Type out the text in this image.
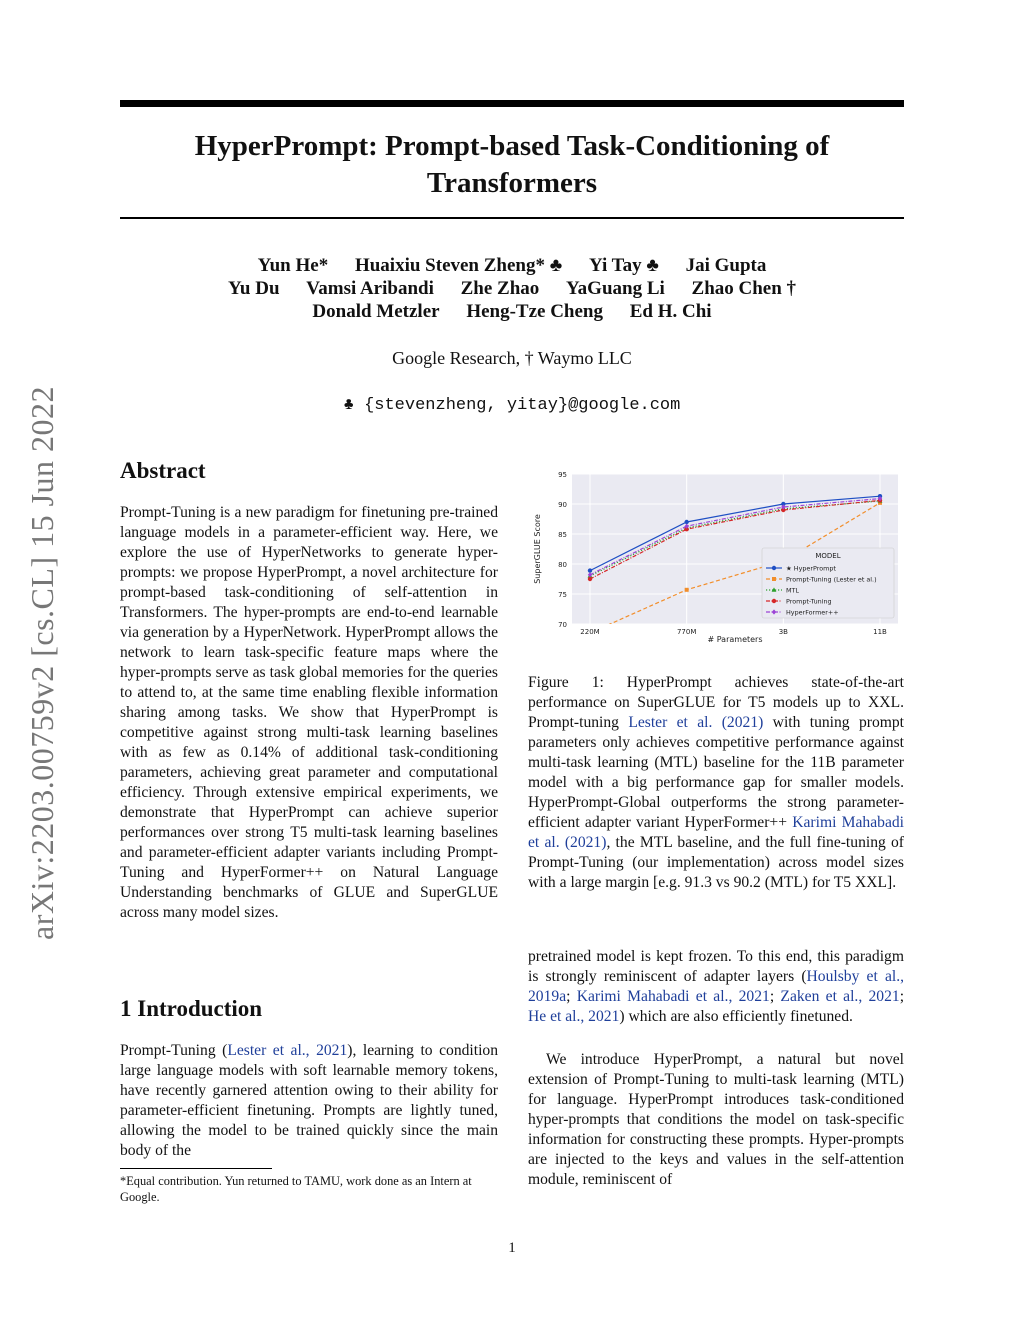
HyperPrompt: Prompt-based Task-Conditioning of Transformers
Yun He* Huaixiu Steven Zheng* ♣ Yi Tay ♣ Jai Gupta
Yu Du Vamsi Aribandi Zhe Zhao YaGuang Li Zhao Chen †
Donald Metzler Heng-Tze Cheng Ed H. Chi
Google Research, † Waymo LLC
♣ {stevenzheng, yitay}@google.com
arXiv:2203.00759v2 [cs.CL] 15 Jun 2022	Abstract
Prompt-Tuning is a new paradigm for finetuning pre-trained language models in a parameter-efficient way. Here, we explore the use of HyperNetworks to generate hyper-prompts: we propose HyperPrompt, a novel architecture for prompt-based task-conditioning of self-attention in Transformers. The hyper-prompts are end-to-end learnable via generation by a HyperNetwork. HyperPrompt allows the network to learn task-specific feature maps where the hyper-prompts serve as task global memories for the queries to attend to, at the same time enabling flexible information sharing among tasks. We show that HyperPrompt is competitive against strong multi-task learning baselines with as few as 0.14% of additional task-conditioning parameters, achieving great parameter and computational efficiency. Through extensive empirical experiments, we demonstrate that HyperPrompt can achieve superior performances over strong T5 multi-task learning baselines and parameter-efficient adapter variants including Prompt-Tuning and HyperFormer++ on Natural Language Understanding benchmarks of GLUE and SuperGLUE across many model sizes.
1 Introduction
Prompt-Tuning (Lester et al., 2021), learning to condition large language models with soft learnable memory tokens, have recently garnered attention owing to their ability for parameter-efficient finetuning. Prompts are lightly tuned, allowing the model to be trained quickly since the main body of the
*Equal contribution. Yun returned to TAMU, work done as an Intern at Google.
70
75
80
85
90
95
220M	770M	3B	11B
SuperGLUE Score
# Parameters
MODEL
★ HyperPrompt
Prompt-Tuning (Lester et al.)
MTL
Prompt-Tuning
HyperFormer++
Figure 1: HyperPrompt achieves state-of-the-art performance on SuperGLUE for T5 models up to XXL. Prompt-tuning Lester et al. (2021) with tuning prompt parameters only achieves competitive performance against multi-task learning (MTL) baseline for the 11B parameter model with a big performance gap for smaller models. HyperPrompt-Global outperforms the strong parameter-efficient adapter variant HyperFormer++ Karimi Mahabadi et al. (2021), the MTL baseline, and the full fine-tuning of Prompt-Tuning (our implementation) across model sizes with a large margin [e.g. 91.3 vs 90.2 (MTL) for T5 XXL].
pretrained model is kept frozen. To this end, this paradigm is strongly reminiscent of adapter layers (Houlsby et al., 2019a; Karimi Mahabadi et al., 2021; Zaken et al., 2021; He et al., 2021) which are also efficiently finetuned.
We introduce HyperPrompt, a natural but novel extension of Prompt-Tuning to multi-task learning (MTL) for language. HyperPrompt introduces task-conditioned hyper-prompts that conditions the model on task-specific information for constructing these prompts. Hyper-prompts are injected to the keys and values in the self-attention module, reminiscent of
1
